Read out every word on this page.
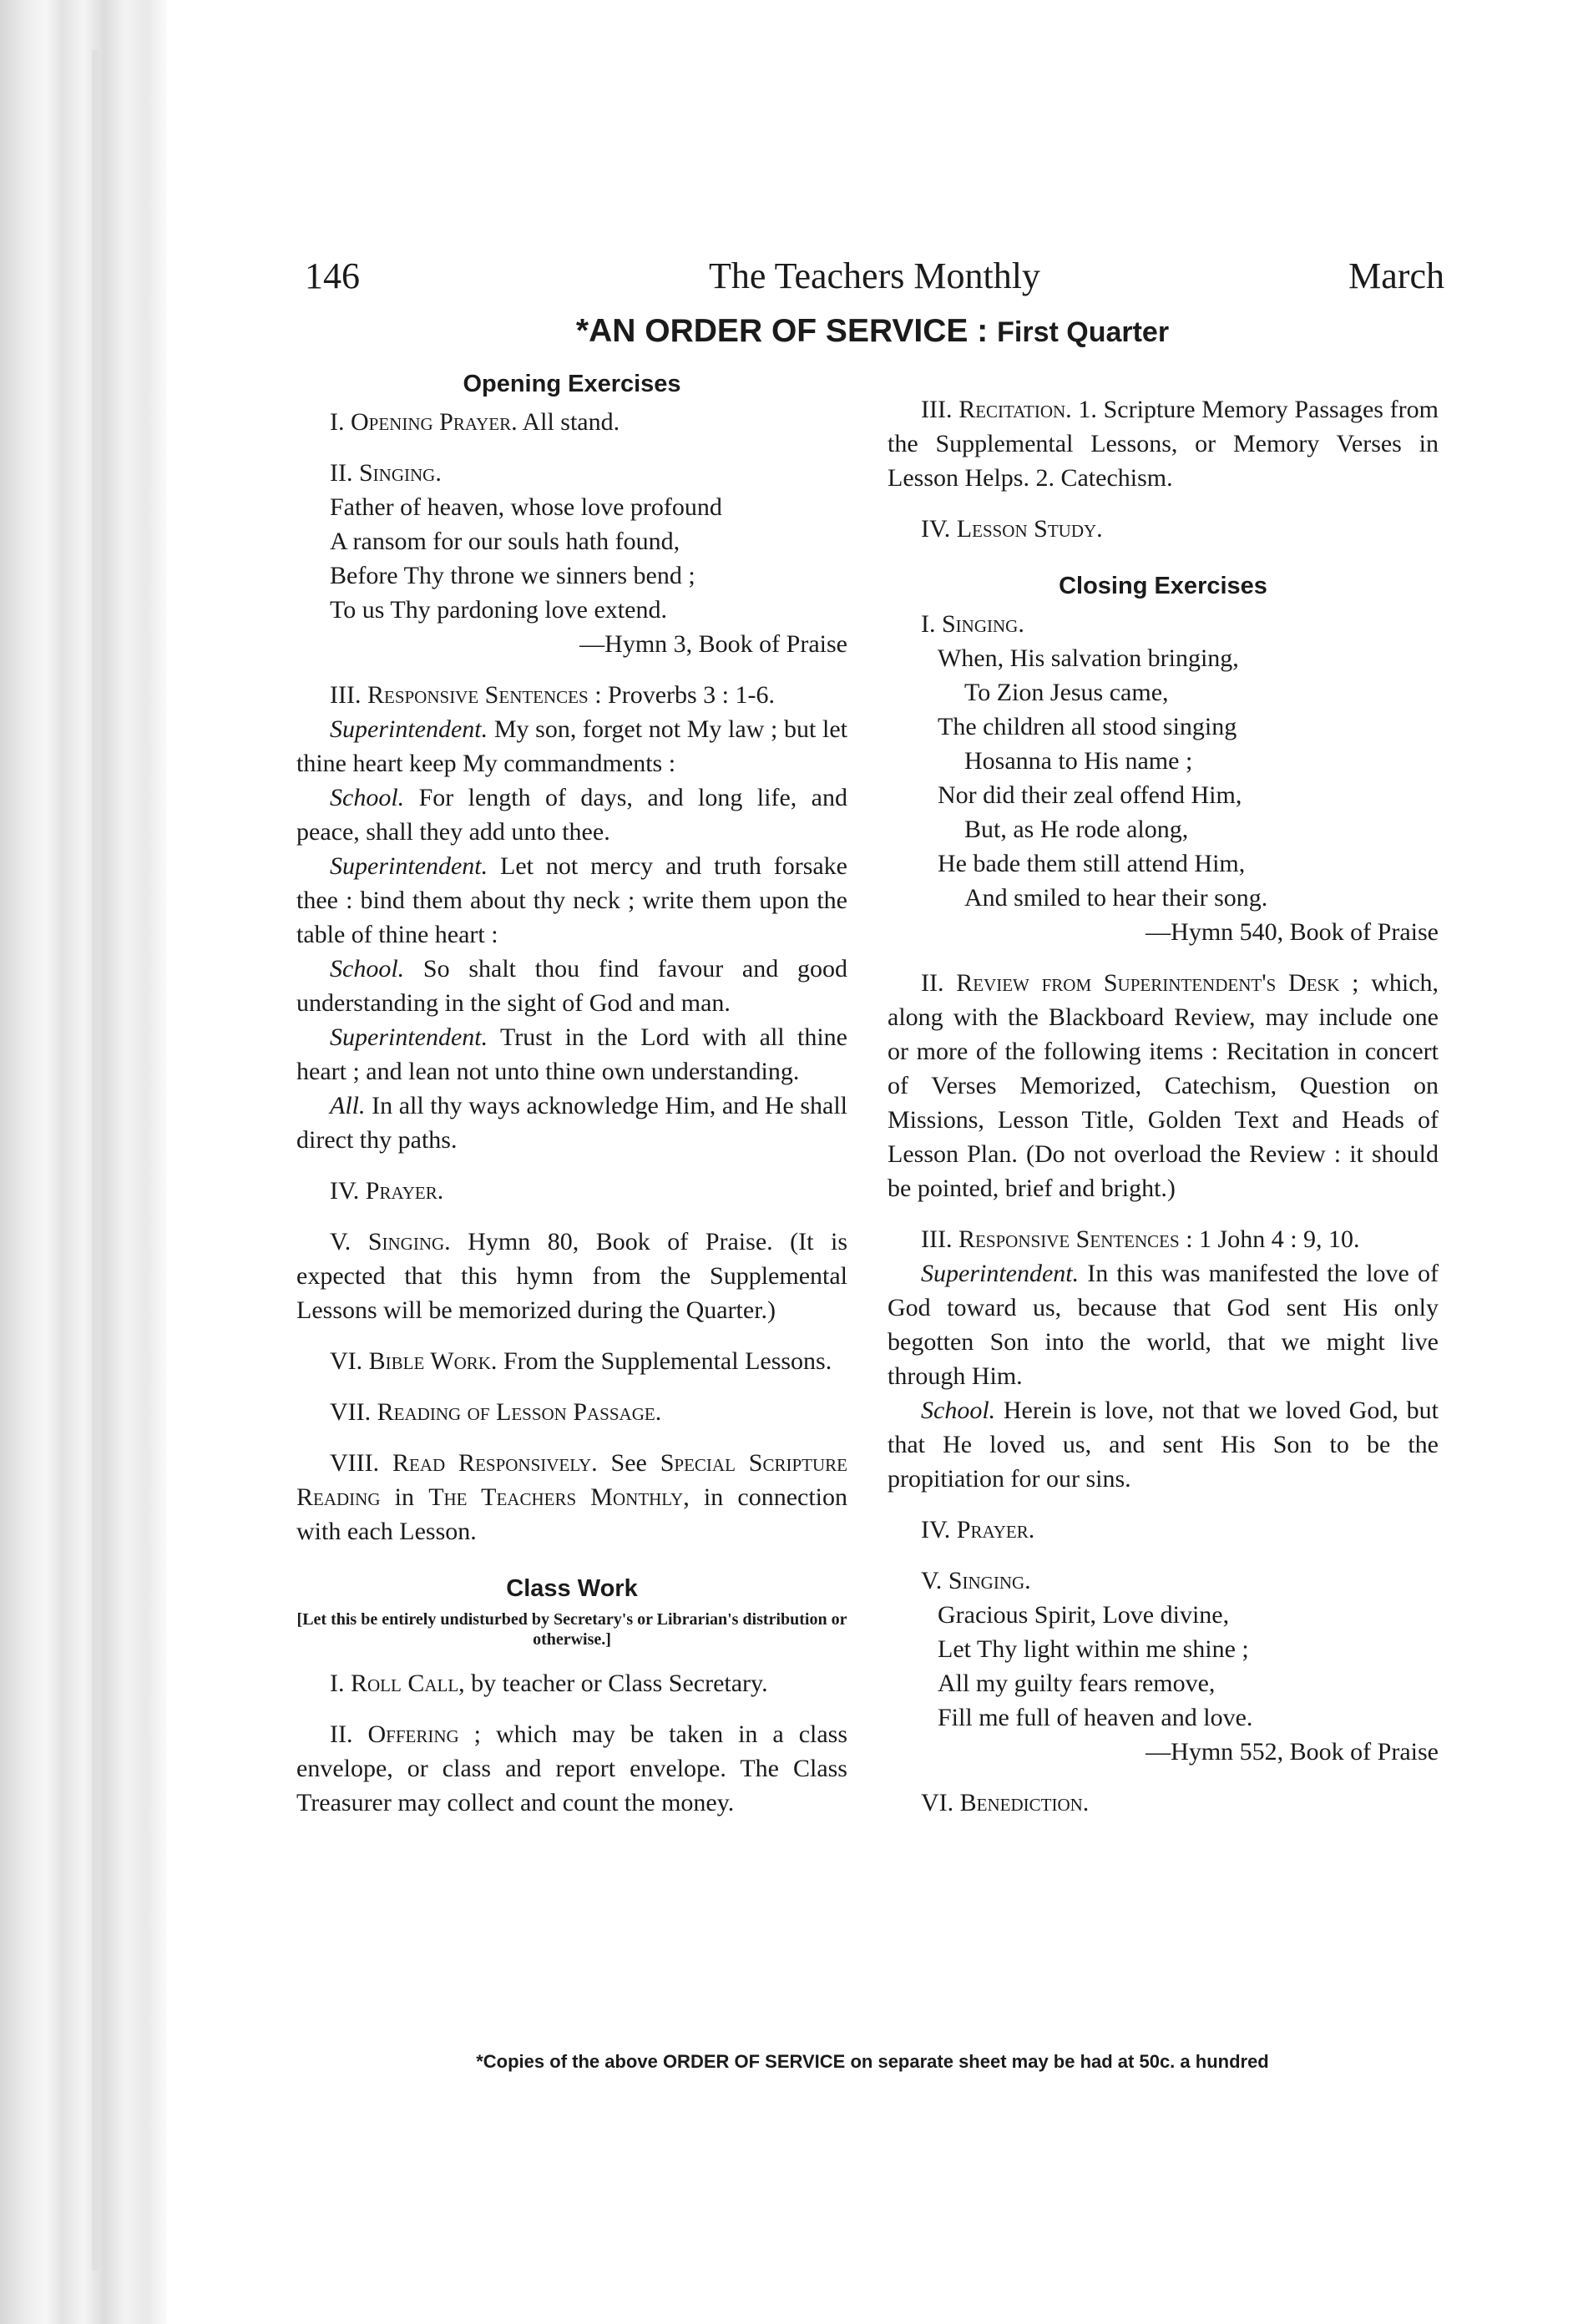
146	The Teachers Monthly	March
*AN ORDER OF SERVICE : First Quarter

Opening Exercises

I. Opening Prayer. All stand.

II. Singing.

Father of heaven, whose love profound

A ransom for our souls hath found,

Before Thy throne we sinners bend ;

To us Thy pardoning love extend.

—Hymn 3, Book of Praise

III. Responsive Sentences : Proverbs 3 : 1-6.

Superintendent. My son, forget not My law ; but let thine heart keep My commandments :

School. For length of days, and long life, and peace, shall they add unto thee.

Superintendent. Let not mercy and truth forsake thee : bind them about thy neck ; write them upon the table of thine heart :

School. So shalt thou find favour and good understanding in the sight of God and man.

Superintendent. Trust in the Lord with all thine heart ; and lean not unto thine own understanding.

All. In all thy ways acknowledge Him, and He shall direct thy paths.

IV. Prayer.

V. Singing. Hymn 80, Book of Praise. (It is expected that this hymn from the Supplemental Lessons will be memorized during the Quarter.)

VI. Bible Work. From the Supplemental Lessons.

VII. Reading of Lesson Passage.

VIII. Read Responsively. See Special Scripture Reading in The Teachers Monthly, in connection with each Lesson.

Class Work

[Let this be entirely undisturbed by Secretary's or Librarian's distribution or otherwise.]

I. Roll Call, by teacher or Class Secretary.

II. Offering ; which may be taken in a class envelope, or class and report envelope. The Class Treasurer may collect and count the money.

III. Recitation. 1. Scripture Memory Passages from the Supplemental Lessons, or Memory Verses in Lesson Helps. 2. Catechism.

IV. Lesson Study.

Closing Exercises

I. Singing.

When, His salvation bringing,

To Zion Jesus came,

The children all stood singing

Hosanna to His name ;

Nor did their zeal offend Him,

But, as He rode along,

He bade them still attend Him,

And smiled to hear their song.

—Hymn 540, Book of Praise

II. Review from Superintendent's Desk ; which, along with the Blackboard Review, may include one or more of the following items : Recitation in concert of Verses Memorized, Catechism, Question on Missions, Lesson Title, Golden Text and Heads of Lesson Plan. (Do not overload the Review : it should be pointed, brief and bright.)

III. Responsive Sentences : 1 John 4 : 9, 10.

Superintendent. In this was manifested the love of God toward us, because that God sent His only begotten Son into the world, that we might live through Him.

School. Herein is love, not that we loved God, but that He loved us, and sent His Son to be the propitiation for our sins.

IV. Prayer.

V. Singing.

Gracious Spirit, Love divine,

Let Thy light within me shine ;

All my guilty fears remove,

Fill me full of heaven and love.

—Hymn 552, Book of Praise

VI. Benediction.

*Copies of the above ORDER OF SERVICE on separate sheet may be had at 50c. a hundred
